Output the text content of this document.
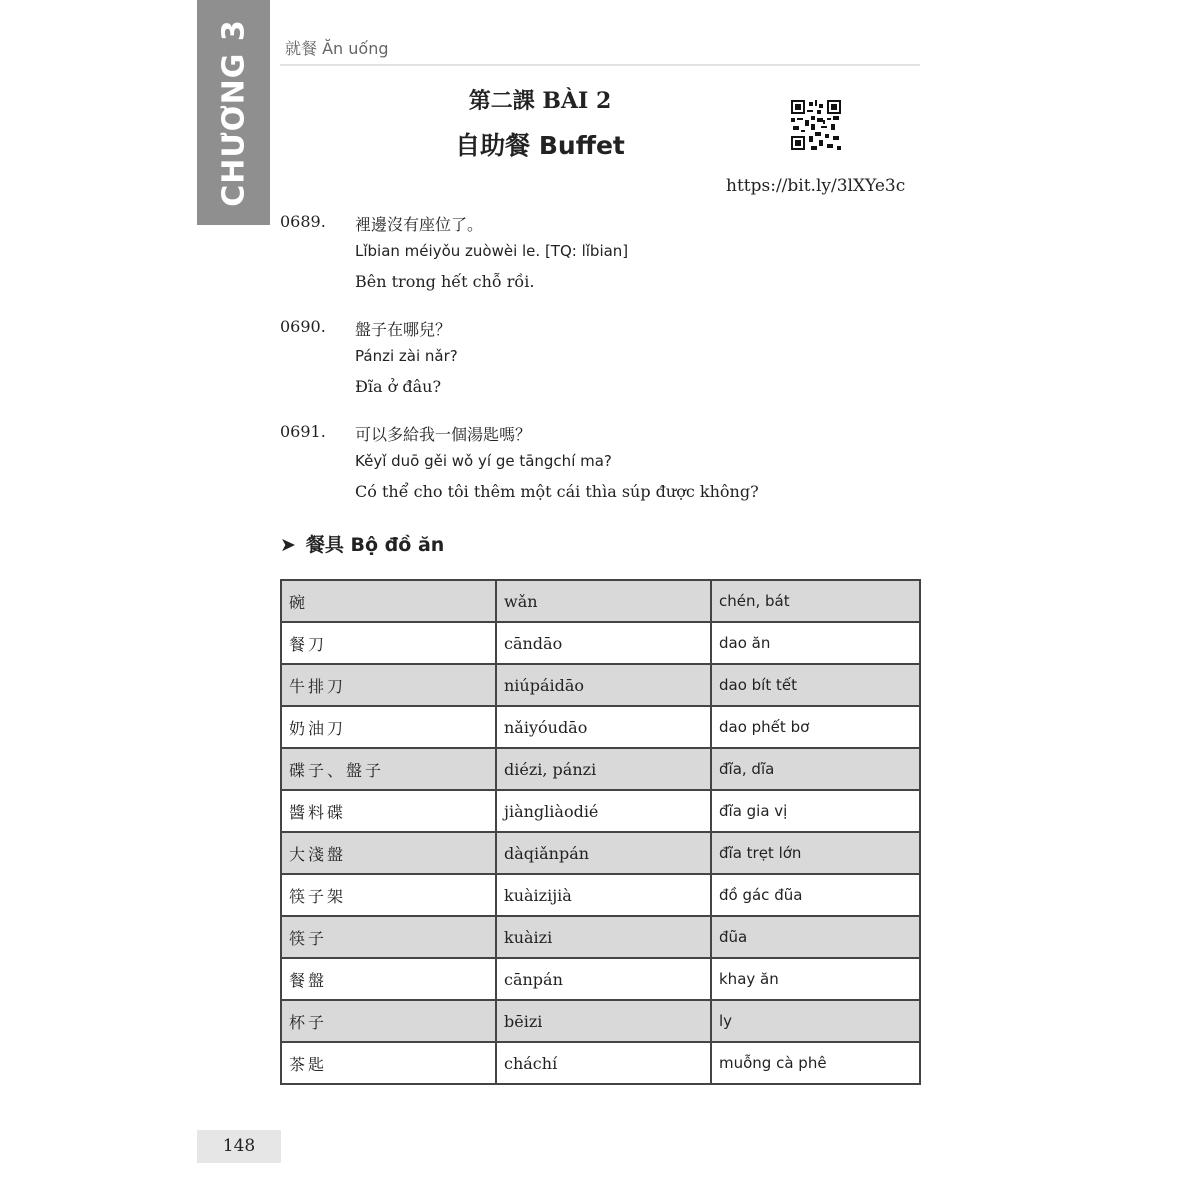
CHƯƠNG 3 就餐 Ăn uống
第二課 BÀI 2
自助餐 Buffet
https://bit.ly/3lXYe3c
0689. 裡邊沒有座位了。
Lǐbian méiyǒu zuòwèi le. [TQ: lǐbian]
Bên trong hết chỗ rồi.
0690. 盤子在哪兒？
Pánzi zài nǎr?
Đĩa ở đâu?
0691. 可以多給我一個湯匙嗎？
Kěyǐ duō gěi wǒ yí ge tāngchí ma?
Có thể cho tôi thêm một cái thìa súp được không?
➤ 餐具 Bộ đồ ăn
碗	wǎn	chén, bát
餐刀	cāndāo	dao ăn
牛排刀	niúpáidāo	dao bít tết
奶油刀	nǎiyóudāo	dao phết bơ
碟子、盤子	diézi, pánzi	đĩa, dĩa
醬料碟	jiàngliàodié	đĩa gia vị
大淺盤	dàqiǎnpán	đĩa trẹt lớn
筷子架	kuàizijià	đồ gác đũa
筷子	kuàizi	đũa
餐盤	cānpán	khay ăn
杯子	bēizi	ly
茶匙	cháchí	muỗng cà phê
148
